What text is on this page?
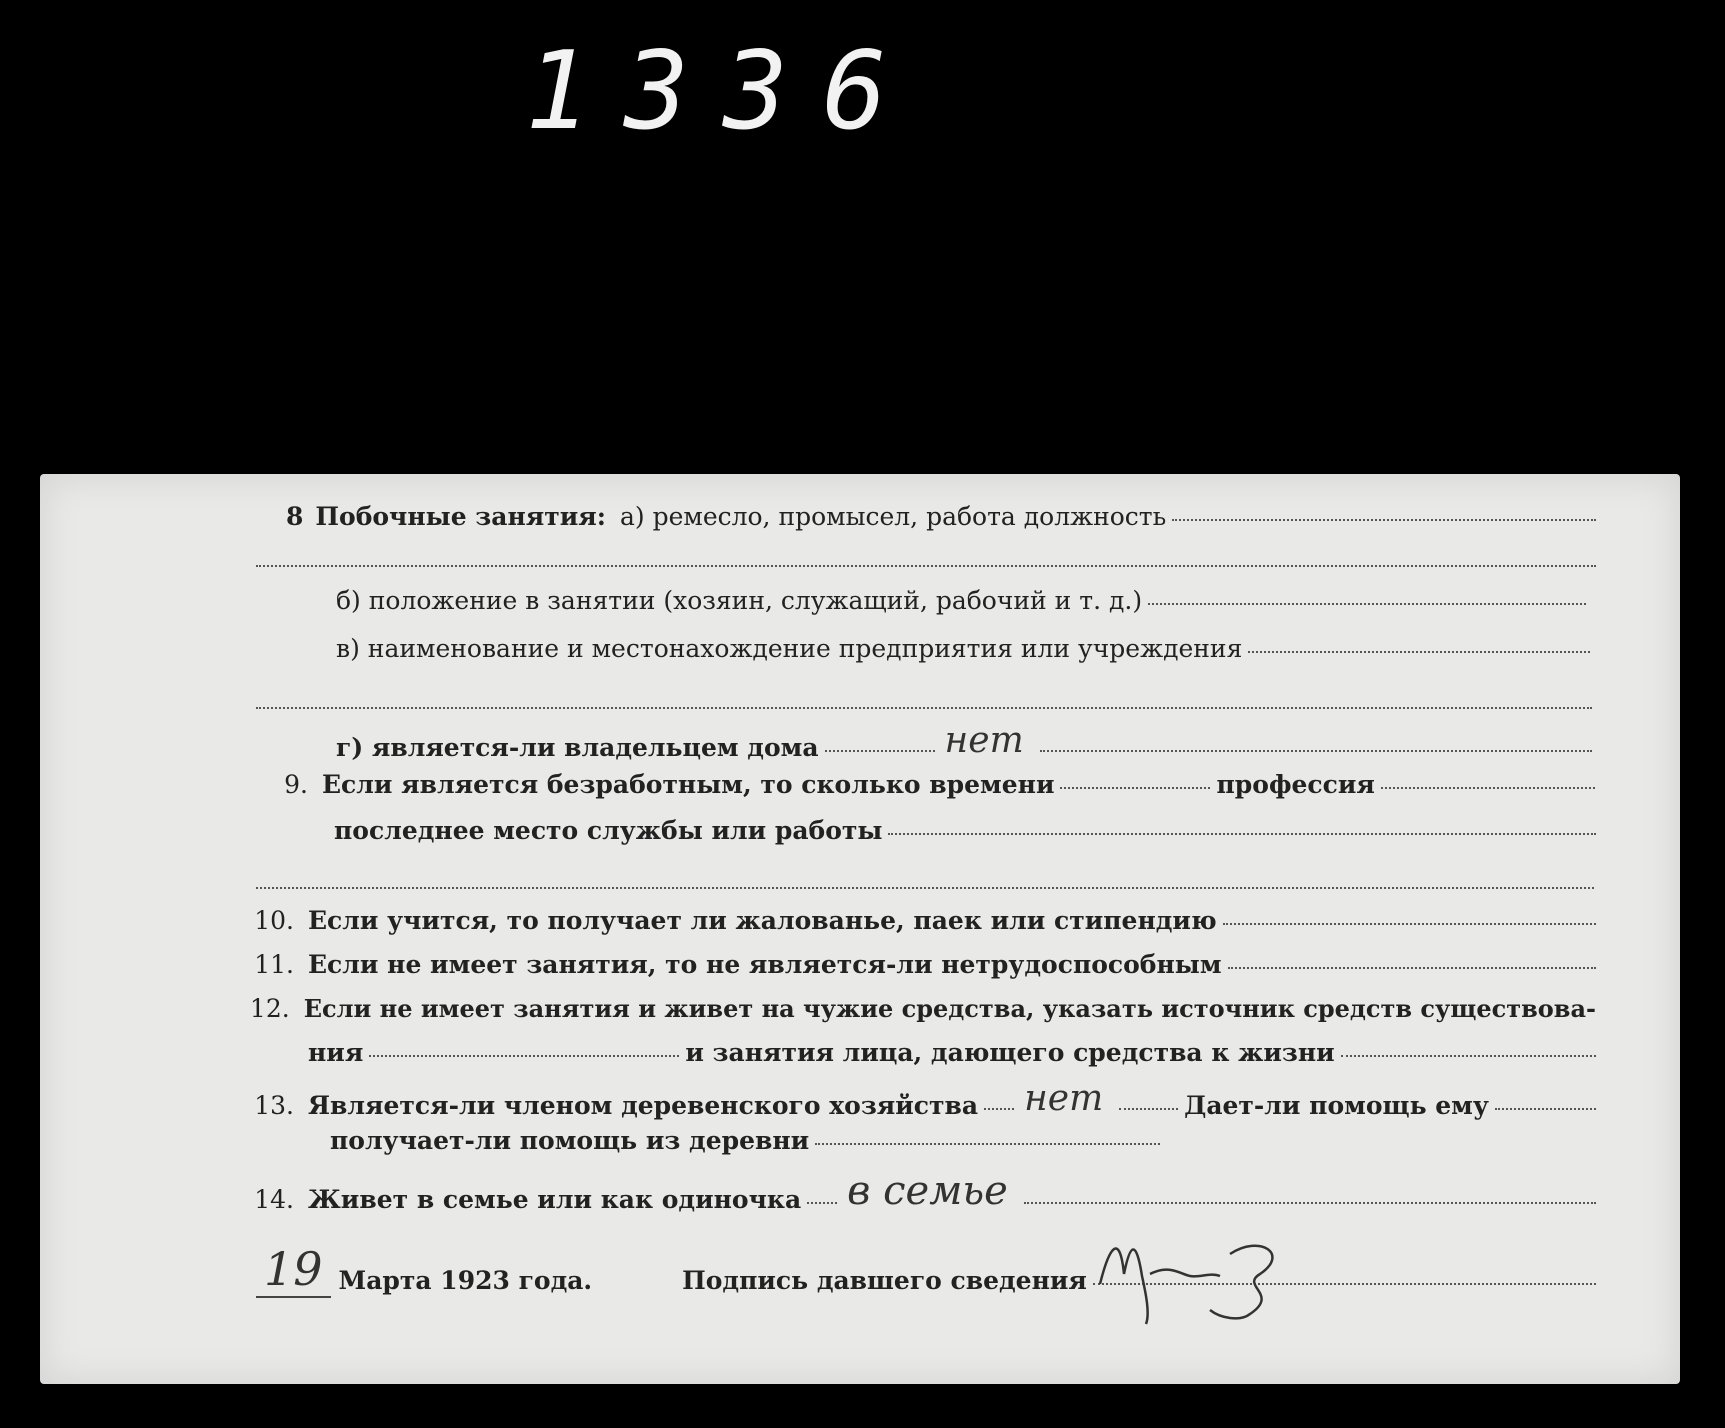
1336
8 Побочные занятия: а) ремесло, промысел, работа должность
б) положение в занятии (хозяин, служащий, рабочий и т. д.)
в) наименование и местонахождение предприятия или учреждения
г) является-ли владельцем дома	нет
9. Если является безработным, то сколько времени	профессия
последнее место службы или работы
10. Если учится, то получает ли жалованье, паек или стипендию
11. Если не имеет занятия, то не является-ли нетрудоспособным
12. Если не имеет занятия и живет на чужие средства, указать источник средств существова-
ния	и занятия лица, дающего средства к жизни
13. Является-ли членом деревенского хозяйства нет	Дает-ли помощь ему
получает-ли помощь из деревни
14. Живет в семье или как одиночка в семье
19 Марта 1923 года.	Подпись давшего сведения
